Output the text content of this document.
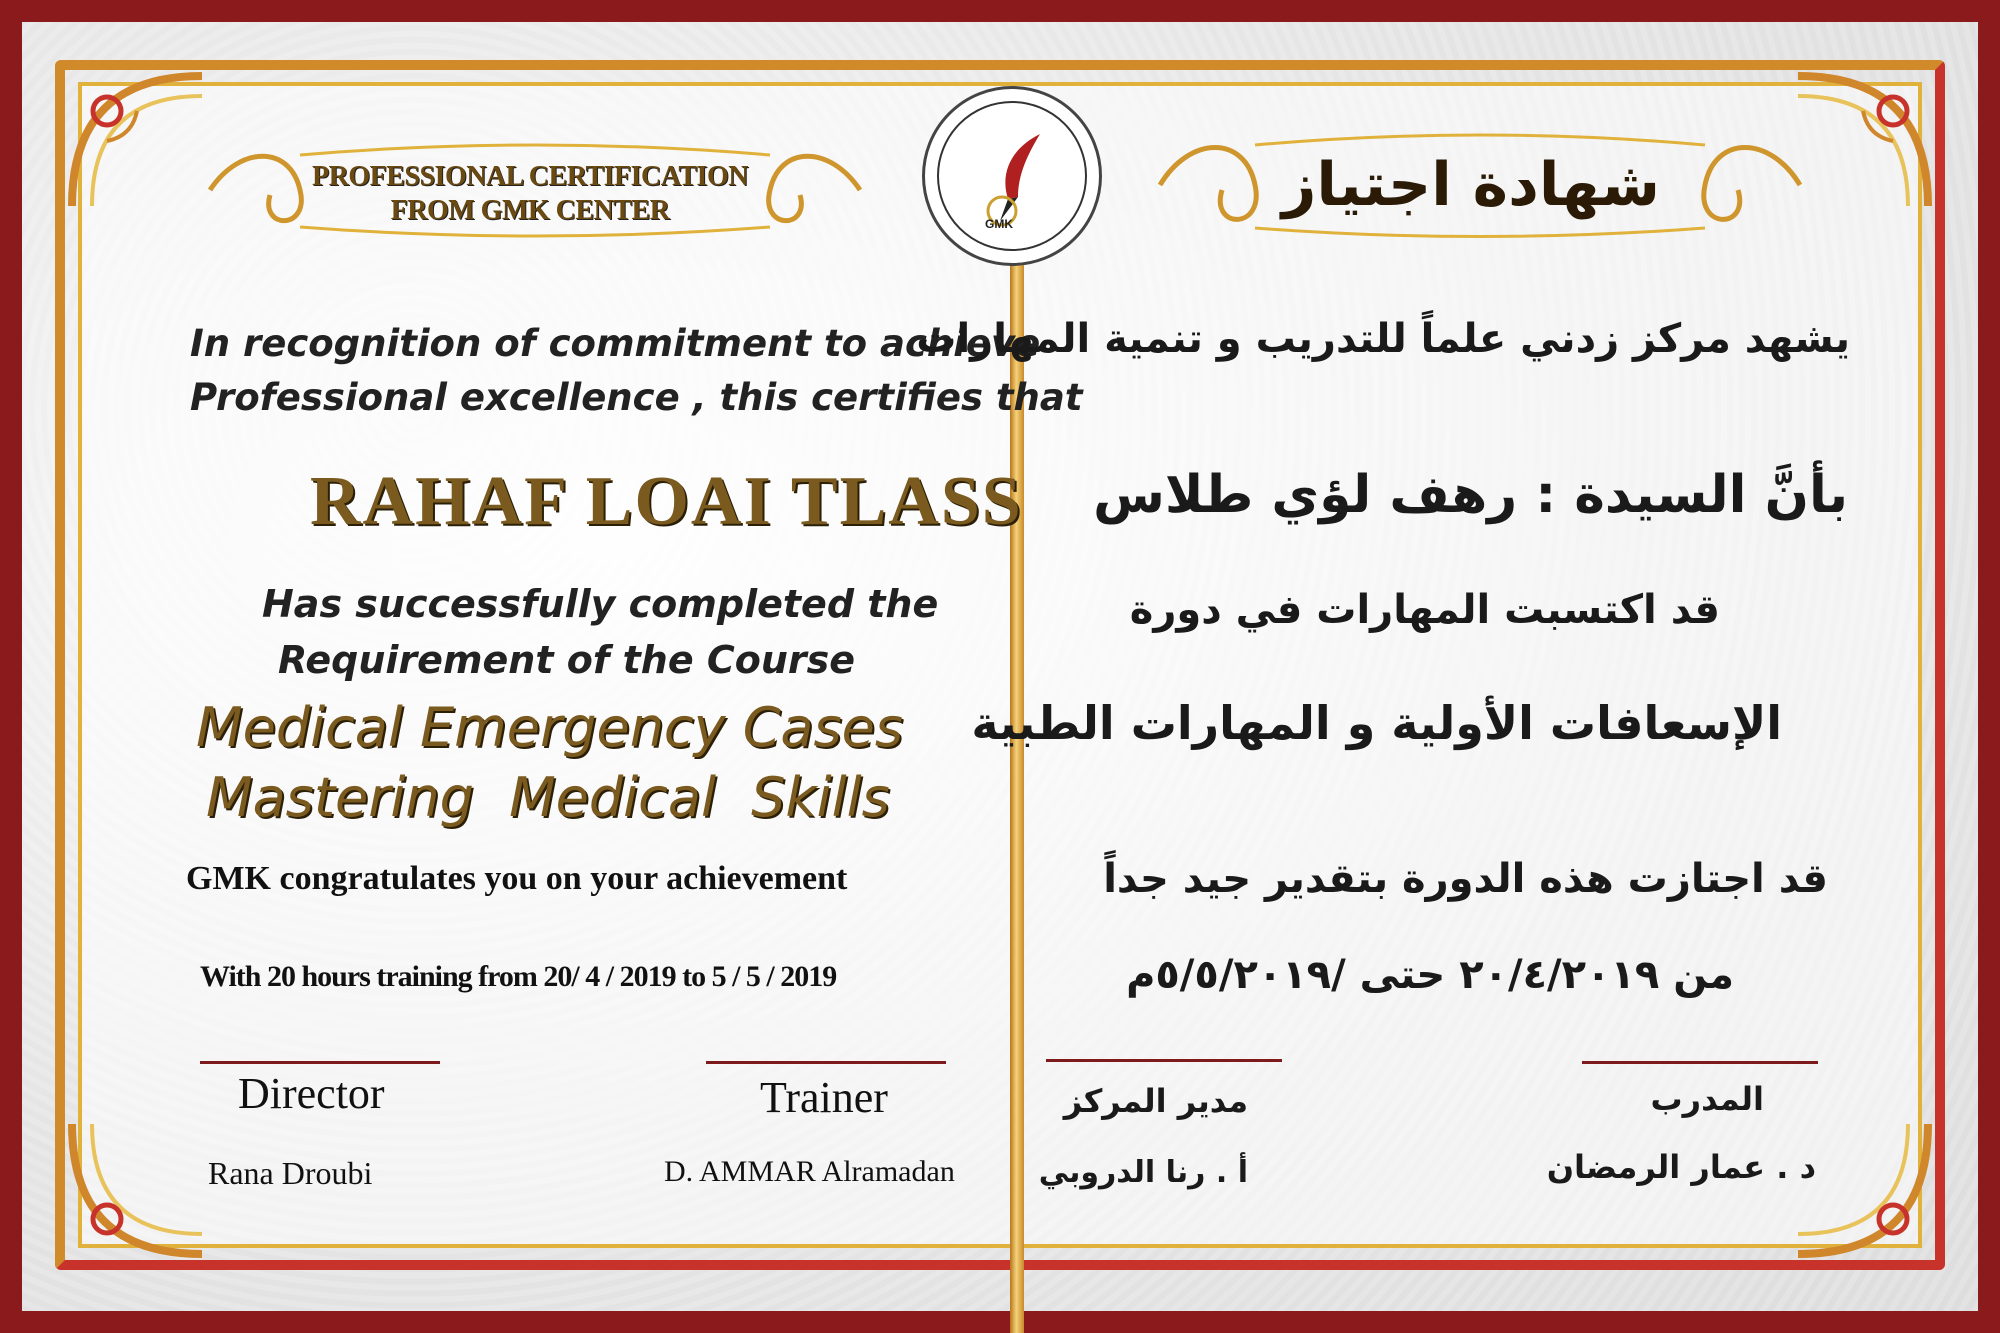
GMK
PROFESSIONAL CERTIFICATION
FROM GMK CENTER
In recognition of commitment to achieve
Professional excellence , this certifies that
RAHAF LOAI TLASS
Has successfully completed the
Requirement of the Course
Medical Emergency Cases
Mastering Medical Skills
GMK congratulates you on your achievement
With 20 hours training from 20/ 4 / 2019 to 5 / 5 / 2019
Director
Rana Droubi
Trainer
D. AMMAR Alramadan
شهادة اجتياز
يشهد مركز زدني علماً للتدريب و تنمية المهارات
بأنَّ السيدة : رهف لؤي طلاس
قد اكتسبت المهارات في دورة
الإسعافات الأولية و المهارات الطبية
قد اجتازت هذه الدورة بتقدير جيد جداً
من ٢٠/٤/٢٠١٩ حتى /٥/٥/٢٠١٩م
مدير المركز
أ . رنا الدروبي
المدرب
د . عمار الرمضان
